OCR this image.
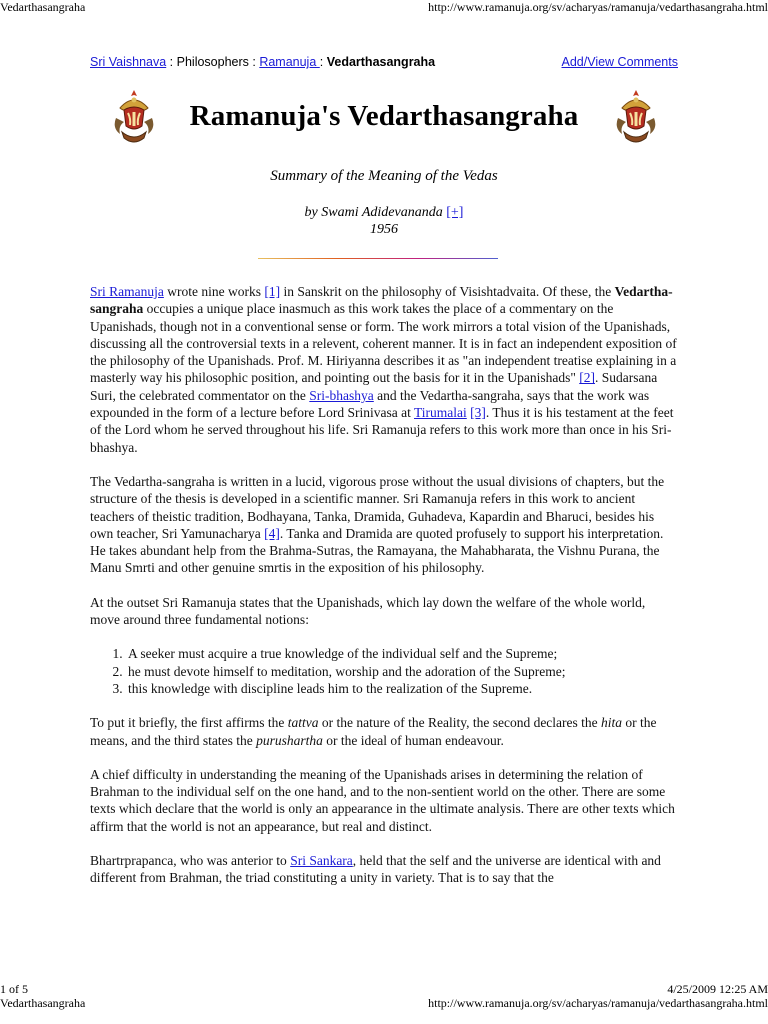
Vedarthasangraha	http://www.ramanuja.org/sv/acharyas/ramanuja/vedarthasangraha.html
Sri Vaishnava : Philosophers : Ramanuja : Vedarthasangraha	Add/View Comments
Ramanuja's Vedarthasangraha
Summary of the Meaning of the Vedas
by Swami Adidevananda [+]
1956

Sri Ramanuja wrote nine works [1] in Sanskrit on the philosophy of Visishtadvaita. Of these, the Vedartha-sangraha occupies a unique place inasmuch as this work takes the place of a commentary on the Upanishads, though not in a conventional sense or form. The work mirrors a total vision of the Upanishads, discussing all the controversial texts in a relevent, coherent manner. It is in fact an independent exposition of the philosophy of the Upanishads. Prof. M. Hiriyanna describes it as "an independent treatise explaining in a masterly way his philosophic position, and pointing out the basis for it in the Upanishads" [2]. Sudarsana Suri, the celebrated commentator on the Sri-bhashya and the Vedartha-sangraha, says that the work was expounded in the form of a lecture before Lord Srinivasa at Tirumalai [3]. Thus it is his testament at the feet of the Lord whom he served throughout his life. Sri Ramanuja refers to this work more than once in his Sri-bhashya.

The Vedartha-sangraha is written in a lucid, vigorous prose without the usual divisions of chapters, but the structure of the thesis is developed in a scientific manner. Sri Ramanuja refers in this work to ancient teachers of theistic tradition, Bodhayana, Tanka, Dramida, Guhadeva, Kapardin and Bharuci, besides his own teacher, Sri Yamunacharya [4]. Tanka and Dramida are quoted profusely to support his interpretation. He takes abundant help from the Brahma-Sutras, the Ramayana, the Mahabharata, the Vishnu Purana, the Manu Smrti and other genuine smrtis in the exposition of his philosophy.

At the outset Sri Ramanuja states that the Upanishads, which lay down the welfare of the whole world, move around three fundamental notions:

1. A seeker must acquire a true knowledge of the individual self and the Supreme;
2. he must devote himself to meditation, worship and the adoration of the Supreme;
3. this knowledge with discipline leads him to the realization of the Supreme.

To put it briefly, the first affirms the tattva or the nature of the Reality, the second declares the hita or the means, and the third states the purushartha or the ideal of human endeavour.

A chief difficulty in understanding the meaning of the Upanishads arises in determining the relation of Brahman to the individual self on the one hand, and to the non-sentient world on the other. There are some texts which declare that the world is only an appearance in the ultimate analysis. There are other texts which affirm that the world is not an appearance, but real and distinct.

Bhartrprapanca, who was anterior to Sri Sankara, held that the self and the universe are identical with and different from Brahman, the triad constituting a unity in variety. That is to say that the

1 of 5	4/25/2009 12:25 AM
Vedarthasangraha	http://www.ramanuja.org/sv/acharyas/ramanuja/vedarthasangraha.html
